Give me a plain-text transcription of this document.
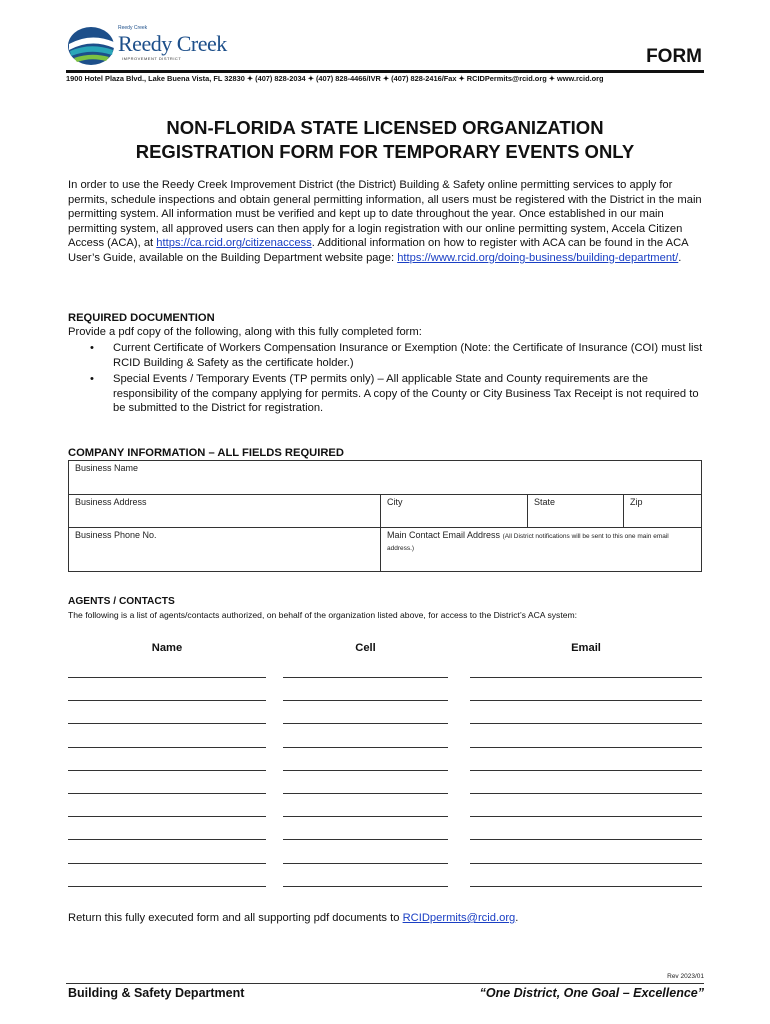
Reedy Creek
Reedy Creek
IMPROVEMENT DISTRICT	FORM
1900 Hotel Plaza Blvd., Lake Buena Vista, FL 32830 ✦ (407) 828-2034 ✦ (407) 828-4466/IVR ✦ (407) 828-2416/Fax ✦ RCIDPermits@rcid.org ✦ www.rcid.org
NON-FLORIDA STATE LICENSED ORGANIZATION
REGISTRATION FORM FOR TEMPORARY EVENTS ONLY
In order to use the Reedy Creek Improvement District (the District) Building & Safety online permitting services to apply for permits, schedule inspections and obtain general permitting information, all users must be registered with the District in the main permitting system. All information must be verified and kept up to date throughout the year. Once established in our main permitting system, all approved users can then apply for a login registration with our online permitting system, Accela Citizen Access (ACA), at https://ca.rcid.org/citizenaccess. Additional information on how to register with ACA can be found in the ACA User’s Guide, available on the Building Department website page: https://www.rcid.org/doing-business/building-department/.
REQUIRED DOCUMENTION
Provide a pdf copy of the following, along with this fully completed form:
• Current Certificate of Workers Compensation Insurance or Exemption (Note: the Certificate of Insurance (COI) must list RCID Building & Safety as the certificate holder.)
• Special Events / Temporary Events (TP permits only) – All applicable State and County requirements are the responsibility of the company applying for permits. A copy of the County or City Business Tax Receipt is not required to be submitted to the District for registration.
COMPANY INFORMATION – ALL FIELDS REQUIRED
Business Name
Business Address	City	State	Zip
Business Phone No.	Main Contact Email Address (All District notifications will be sent to this one main email address.)
AGENTS / CONTACTS
The following is a list of agents/contacts authorized, on behalf of the organization listed above, for access to the District’s ACA system:
Name	Cell	Email
Return this fully executed form and all supporting pdf documents to RCIDpermits@rcid.org.
Rev 2023/01
Building & Safety Department	“One District, One Goal – Excellence”
